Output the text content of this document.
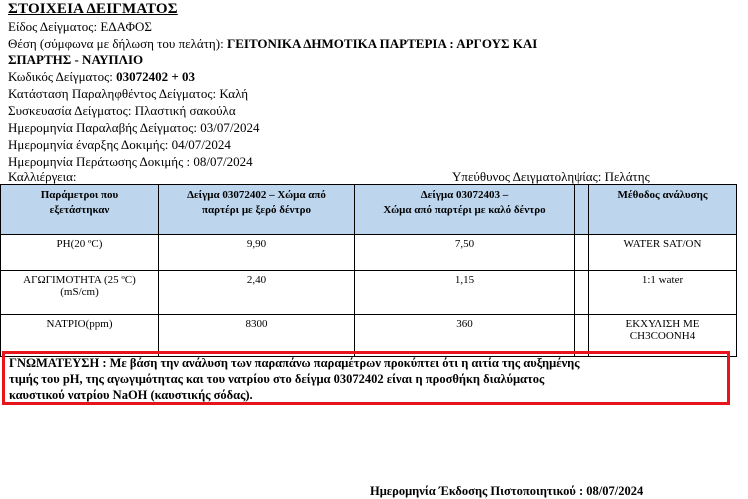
ΣΤΟΙΧΕΙΑ ΔΕΙΓΜΑΤΟΣ
Είδος Δείγματος: ΕΔΑΦΟΣ
Θέση (σύμφωνα με δήλωση του πελάτη): ΓΕΙΤΟΝΙΚΑ ΔΗΜΟΤΙΚΑ ΠΑΡΤΕΡΙΑ : ΑΡΓΟΥΣ ΚΑΙ
ΣΠΑΡΤΗΣ - ΝΑΥΠΛΙΟ
Κωδικός Δείγματος: 03072402 + 03
Κατάσταση Παραληφθέντος Δείγματος: Καλή
Συσκευασία Δείγματος: Πλαστική σακούλα
Ημερομηνία Παραλαβής Δείγματος: 03/07/2024
Ημερομηνία έναρξης Δοκιμής: 04/07/2024
Ημερομηνία Περάτωσης Δοκιμής : 08/07/2024
Καλλιέργεια:	Υπεύθυνος Δειγματοληψίας: Πελάτης
Παράμετροι που
εξετάστηκαν	Δείγμα 03072402 – Χώμα από
παρτέρι με ξερό δέντρο	Δείγμα 03072403 –
Χώμα από παρτέρι με καλό δέντρο		Μέθοδος ανάλυσης
PH(20 ºC)	9,90	7,50		WATER SAT/ON
ΑΓΩΓΙΜΟΤΗΤΑ (25 ºC)
(mS/cm)	2,40	1,15		1:1 water
ΝΑΤΡΙΟ(ppm)	8300	360		ΕΚΧΥΛΙΣΗ ΜΕ
CH3COONH4
ΓΝΩΜΑΤΕΥΣΗ : Με βάση την ανάλυση των παραπάνω παραμέτρων προκύπτει ότι η αιτία της αυξημένης
τιμής του pH, της αγωγιμότητας και του νατρίου στο δείγμα 03072402 είναι η προσθήκη διαλύματος
καυστικού νατρίου NaOH (καυστικής σόδας).
Ημερομηνία Έκδοσης Πιστοποιητικού : 08/07/2024
